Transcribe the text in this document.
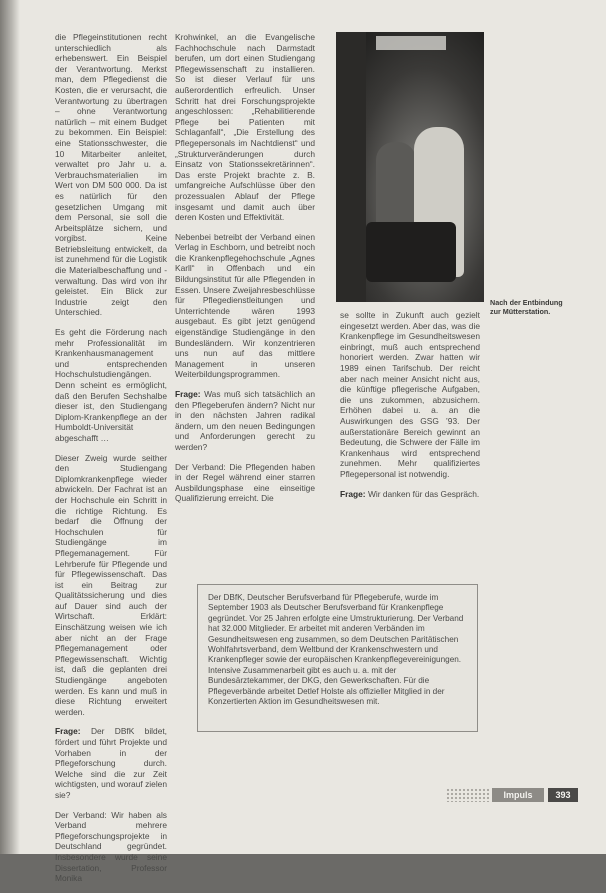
die Pflegeinstitutionen recht unterschiedlich als erhebenswert. Ein Beispiel der Verantwortung. Merkst man, dem Pflegedienst die Kosten, die er verursacht, die Verantwortung zu übertragen – ohne Verantwortung natürlich – mit einem Budget zu bekommen. Ein Beispiel: eine Stationsschwester, die 10 Mitarbeiter anleitet, verwaltet pro Jahr u. a. Verbrauchsmaterialien im Wert von DM 500 000. Da ist es natürlich für den gesetzlichen Umgang mit dem Personal, sie soll die Arbeitsplätze sichern, und vorgibst. Keine Betriebsleitung entwickelt, da ist zunehmend für die Logistik die Materialbeschaffung und -verwaltung. Das wird von ihr geleistet. Ein Blick zur Industrie zeigt den Unterschied.

Es geht die Förderung nach mehr Professionalität im Krankenhausmanagement und entsprechenden Hochschulstudiengängen. Denn scheint es ermöglicht, daß den Berufen Sechshalbe dieser ist, den Studiengang Diplom-Krankenpflege an der Humboldt-Universität abgeschafft …

Dieser Zweig wurde seither den Studiengang Diplomkrankenpflege wieder abwickeln. Der Fachrat ist an der Hochschule ein Schritt in die richtige Richtung. Es bedarf die Öffnung der Hochschulen für Studiengänge im Pflegemanagement. Für Lehrberufe für Pflegende und für Pflegewissenschaft. Das ist ein Beitrag zur Qualitätssicherung und dies auf Dauer sind auch der Wirtschaft. Erklärt: Einschätzung weisen wie ich aber nicht an der Frage Pflegemanagement oder Pflegewissenschaft. Wichtig ist, daß die geplanten drei Studiengänge angeboten werden. Es kann und muß in diese Richtung erweitert werden.

Frage: Der DBfK bildet, fördert und führt Projekte und Vorhaben in der Pflegeforschung durch. Welche sind die zur Zeit wichtigsten, und worauf zielen sie?

Der Verband: Wir haben als Verband mehrere Pflegeforschungsprojekte in Deutschland gegründet. Insbesondere wurde seine Dissertation, Professor Monika

Krohwinkel, an die Evangelische Fachhochschule nach Darmstadt berufen, um dort einen Studiengang Pflegewissenschaft zu installieren. So ist dieser Verlauf für uns außerordentlich erfreulich. Unser Schritt hat drei Forschungsprojekte angeschlossen: „Rehabilitierende Pflege bei Patienten mit Schlaganfall“, „Die Erstellung des Pflegepersonals im Nachtdienst“ und „Strukturveränderungen durch Einsatz von Stationssekretärinnen“. Das erste Projekt brachte z. B. umfangreiche Aufschlüsse über den prozessualen Ablauf der Pflege insgesamt und damit auch über deren Kosten und Effektivität.

Nebenbei betreibt der Verband einen Verlag in Eschborn, und betreibt noch die Krankenpflegehochschule „Agnes Karll“ in Offenbach und ein Bildungsinstitut für alle Pflegenden in Essen. Unsere Zweijahresbeschlüsse für Pflegedienstleitungen und Unterrichtende wären 1993 ausgebaut. Es gibt jetzt genügend eigenständige Studiengänge in den Bundesländern. Wir konzentrieren uns nun auf das mittlere Management in unseren Weiterbildungsprogrammen.

Frage: Was muß sich tatsächlich an den Pflegeberufen ändern? Nicht nur in den nächsten Jahren radikal ändern, um den neuen Bedingungen und Anforderungen gerecht zu werden?

Der Verband: Die Pflegenden haben in der Regel während einer starren Ausbildungsphase eine einseitige Qualifizierung erreicht. Die

Nach der Entbindung zur Mütterstation.

se sollte in Zukunft auch gezielt eingesetzt werden. Aber das, was die Krankenpflege im Gesundheitswesen einbringt, muß auch entsprechend honoriert werden. Zwar hatten wir 1989 einen Tarifschub. Der reicht aber nach meiner Ansicht nicht aus, die künftige pflegerische Aufgaben, die uns zukommen, abzusichern. Erhöhen dabei u. a. an die Auswirkungen des GSG ’93. Der außerstationäre Bereich gewinnt an Bedeutung, die Schwere der Fälle im Krankenhaus wird entsprechend zunehmen. Mehr qualifiziertes Pflegepersonal ist notwendig.

Frage: Wir danken für das Gespräch.

Der DBfK, Deutscher Berufsverband für Pflegeberufe, wurde im September 1903 als Deutscher Berufsverband für Krankenpflege gegründet. Vor 25 Jahren erfolgte eine Umstrukturierung. Der Verband hat 32.000 Mitglieder. Er arbeitet mit anderen Verbänden im Gesundheitswesen eng zusammen, so dem Deutschen Paritätischen Wohlfahrtsverband, dem Weltbund der Krankenschwestern und Krankenpfleger sowie der europäischen Krankenpflegevereinigungen. Intensive Zusammenarbeit gibt es auch u. a. mit der Bundesärztekammer, der DKG, den Gewerkschaften. Für die Pflegeverbände arbeitet Detlef Holste als offizieller Mitglied in der Konzertierten Aktion im Gesundheitswesen mit.
Impuls	393
